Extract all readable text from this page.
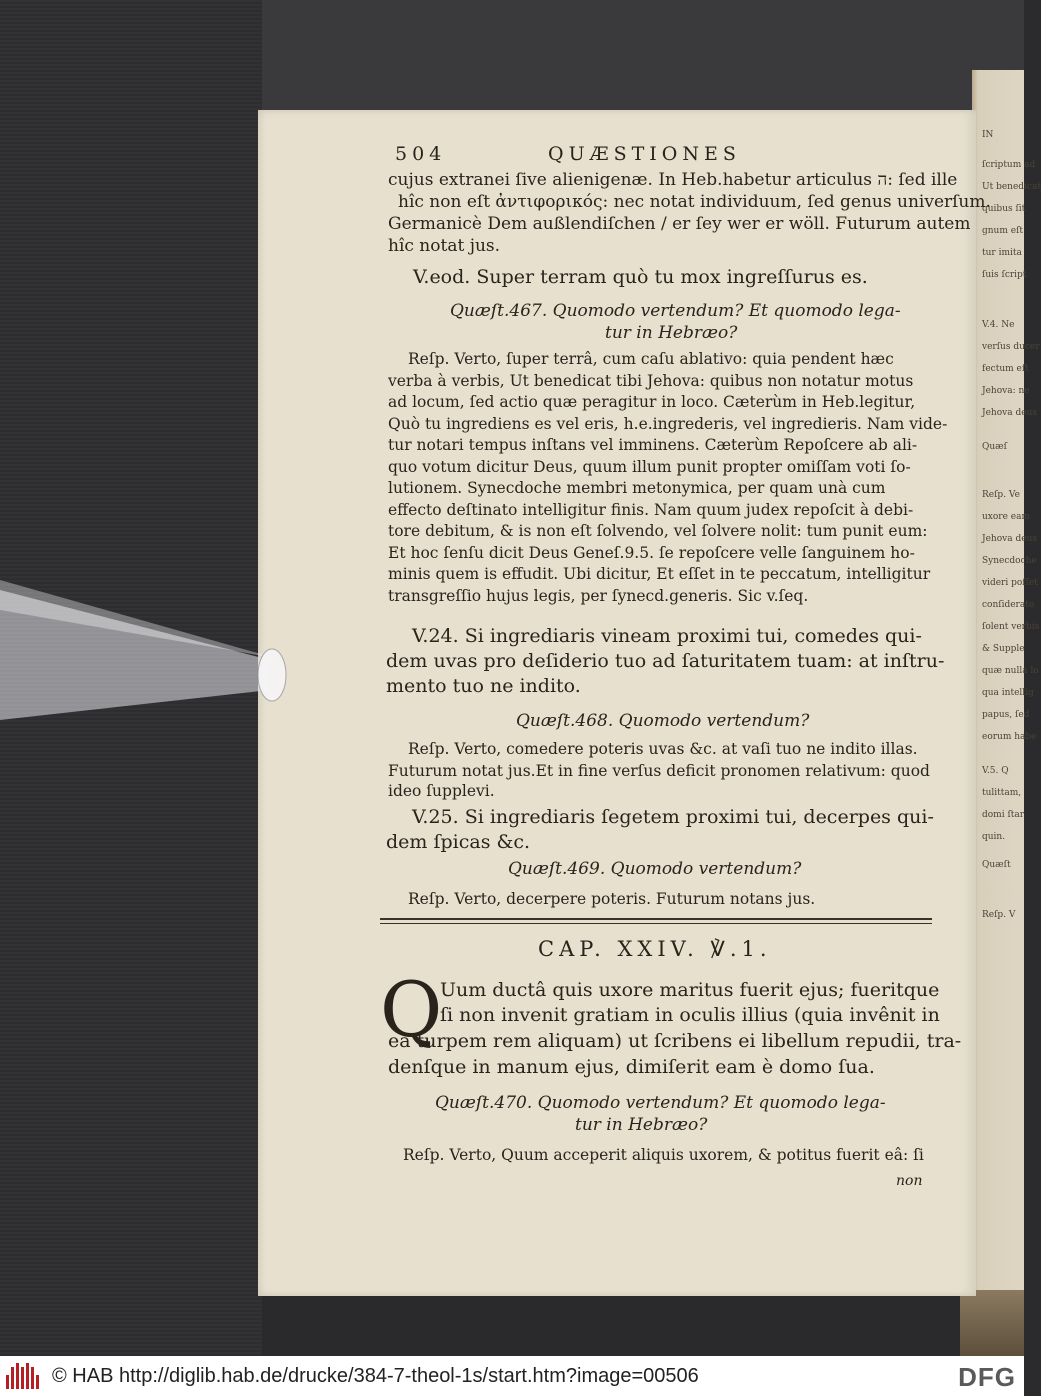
IN
ſcriptum ad
Ut benedicat
quibus ſit
gnum eſt
tur imita
ſuis ſcript
V.4. Ne
verſus ducer
fectum eſt
Jehova: ne
Jehova deus
Quæſ
Reſp. Ve
uxore eam
Jehova deus
Synecdoche
videri poſſet
conſiderato
ſolent verbis
& Supple
quæ nulla lo
qua intellig
papus, ſed
eorum habe
V.5. Q
tulittam,
domi ſtar
quin.
Quæſt
Reſp. V
504	QUÆSTIONES
cujus extranei ſive alienigenæ. In Heb.habetur articulus ה: ſed ille
hîc non eſt ἀντιφορικός: nec notat individuum, ſed genus univerſum.
Germanicè Dem außlendiſchen / er ſey wer er wöll. Futurum autem
hîc notat jus.
V.eod. Super terram quò tu mox ingreſſurus es.
Quæſt.467. Quomodo vertendum? Et quomodo lega-
tur in Hebræo?
Reſp. Verto, ſuper terrâ, cum caſu ablativo: quia pendent hæc
verba à verbis, Ut benedicat tibi Jehova: quibus non notatur motus
ad locum, ſed actio quæ peragitur in loco. Cæterùm in Heb.legitur,
Quò tu ingrediens es vel eris, h.e.ingrederis, vel ingredieris. Nam vide-
tur notari tempus inſtans vel imminens. Cæterùm Repoſcere ab ali-
quo votum dicitur Deus, quum illum punit propter omiſſam voti ſo-
lutionem. Synecdoche membri metonymica, per quam unà cum
effecto deſtinato intelligitur finis. Nam quum judex repoſcit à debi-
tore debitum, & is non eſt ſolvendo, vel ſolvere nolit: tum punit eum:
Et hoc ſenſu dicit Deus Geneſ.9.5. ſe repoſcere velle ſanguinem ho-
minis quem is effudit. Ubi dicitur, Et eſſet in te peccatum, intelligitur
transgreſſio hujus legis, per ſynecd.generis. Sic v.ſeq.
V.24. Si ingrediaris vineam proximi tui, comedes qui-
dem uvas pro deſiderio tuo ad ſaturitatem tuam: at inſtru-
mento tuo ne indito.
Quæſt.468. Quomodo vertendum?
Reſp. Verto, comedere poteris uvas &c. at vaſi tuo ne indito illas.
Futurum notat jus.Et in fine verſus deficit pronomen relativum: quod
ideo ſupplevi.
V.25. Si ingrediaris ſegetem proximi tui, decerpes qui-
dem ſpicas &c.
Quæſt.469. Quomodo vertendum?
Reſp. Verto, decerpere poteris. Futurum notans jus.
CAP. XXIV. ℣.1.
Q
Uum ductâ quis uxore maritus fuerit ejus; fueritque
ſi non invenit gratiam in oculis illius (quia invênit in
ea turpem rem aliquam) ut ſcribens ei libellum repudii, tra-
denſque in manum ejus, dimiſerit eam è domo ſua.
Quæſt.470. Quomodo vertendum? Et quomodo lega-
tur in Hebræo?
Reſp. Verto, Quum acceperit aliquis uxorem, & potitus fuerit eâ: ſi
non
© HAB http://diglib.hab.de/drucke/384-7-theol-1s/start.htm?image=00506	DFG
